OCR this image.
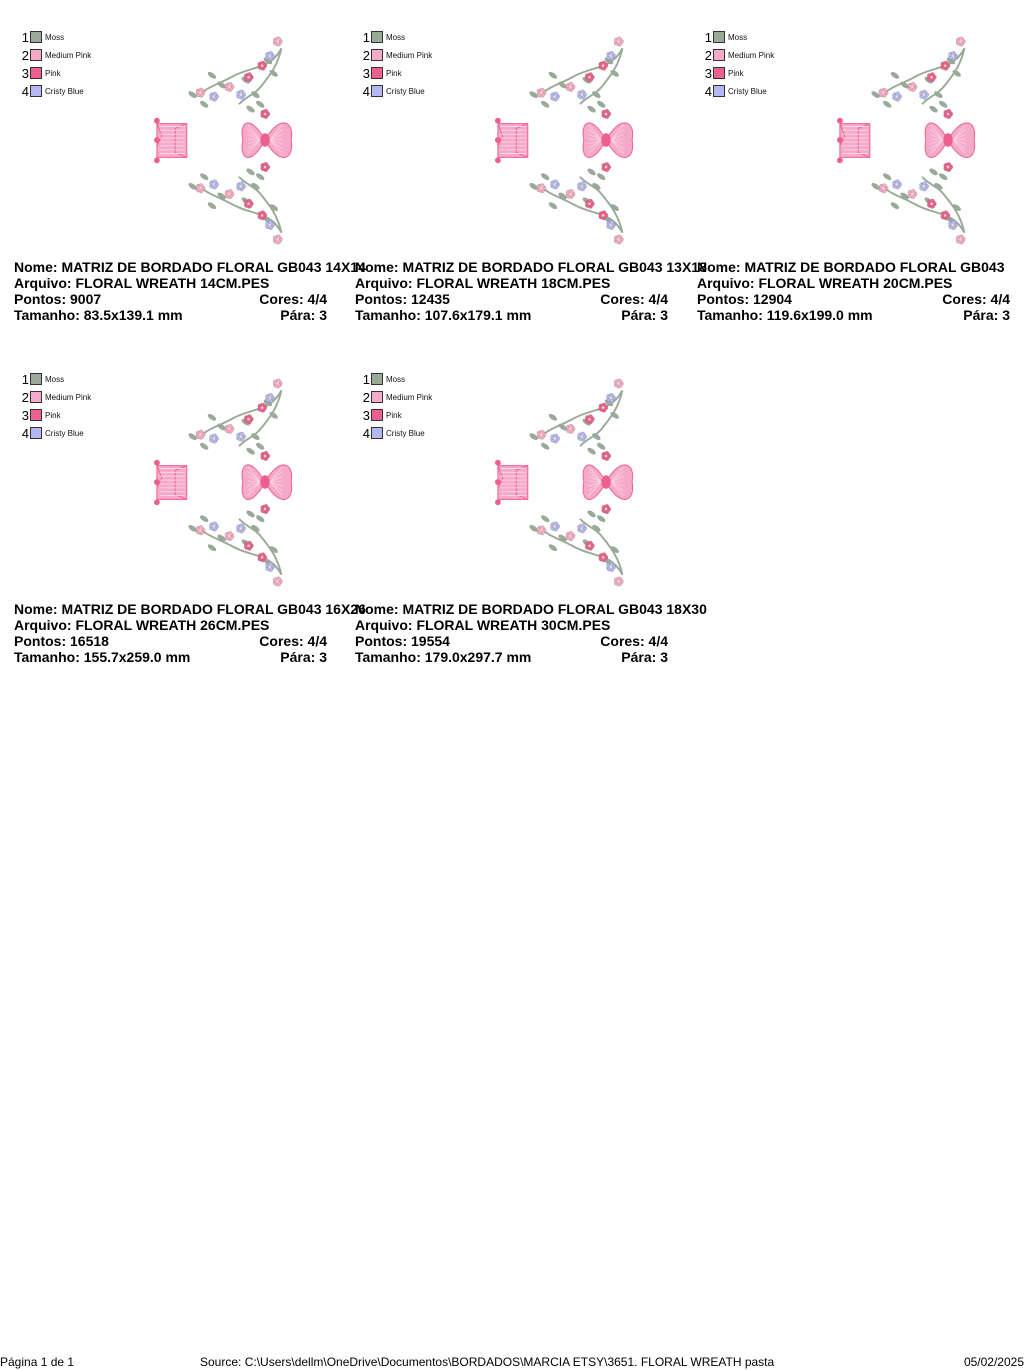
1 Moss
2 Medium Pink
3 Pink
4 Cristy Blue
Nome: MATRIZ DE BORDADO FLORAL GB043 14X14
Arquivo: FLORAL WREATH 14CM.PES
Pontos: 9007	Cores: 4/4
Tamanho: 83.5x139.1 mm	Pára: 3
1 Moss
2 Medium Pink
3 Pink
4 Cristy Blue
Nome: MATRIZ DE BORDADO FLORAL GB043 13X18
Arquivo: FLORAL WREATH 18CM.PES
Pontos: 12435	Cores: 4/4
Tamanho: 107.6x179.1 mm	Pára: 3
1 Moss
2 Medium Pink
3 Pink
4 Cristy Blue
Nome: MATRIZ DE BORDADO FLORAL GB043
Arquivo: FLORAL WREATH 20CM.PES
Pontos: 12904	Cores: 4/4
Tamanho: 119.6x199.0 mm	Pára: 3
1 Moss
2 Medium Pink
3 Pink
4 Cristy Blue
Nome: MATRIZ DE BORDADO FLORAL GB043 16X26
Arquivo: FLORAL WREATH 26CM.PES
Pontos: 16518	Cores: 4/4
Tamanho: 155.7x259.0 mm	Pára: 3
1 Moss
2 Medium Pink
3 Pink
4 Cristy Blue
Nome: MATRIZ DE BORDADO FLORAL GB043 18X30
Arquivo: FLORAL WREATH 30CM.PES
Pontos: 19554	Cores: 4/4
Tamanho: 179.0x297.7 mm	Pára: 3
Página 1 de 1	Source: C:\Users\dellm\OneDrive\Documentos\BORDADOS\MARCIA ETSY\3651. FLORAL WREATH pasta	05/02/2025
